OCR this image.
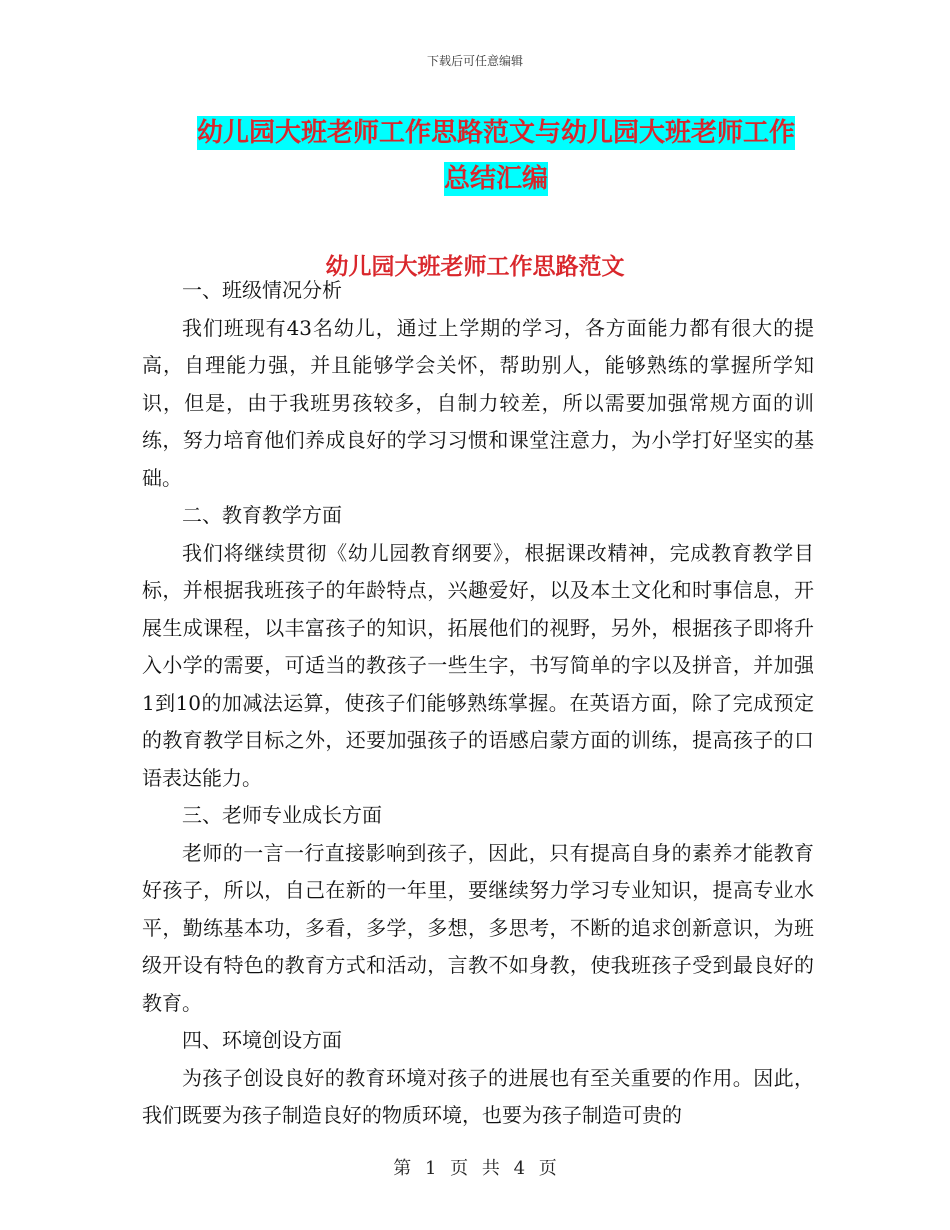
下载后可任意编辑
幼儿园大班老师工作思路范文与幼儿园大班老师工作总结汇编
幼儿园大班老师工作思路范文

一、班级情况分析

我们班现有43名幼儿，通过上学期的学习，各方面能力都有很大的提高，自理能力强，并且能够学会关怀，帮助别人，能够熟练的掌握所学知识，但是，由于我班男孩较多，自制力较差，所以需要加强常规方面的训练，努力培育他们养成良好的学习习惯和课堂注意力，为小学打好坚实的基础。

二、教育教学方面

我们将继续贯彻《幼儿园教育纲要》，根据课改精神，完成教育教学目标，并根据我班孩子的年龄特点，兴趣爱好，以及本土文化和时事信息，开展生成课程，以丰富孩子的知识，拓展他们的视野，另外，根据孩子即将升入小学的需要，可适当的教孩子一些生字，书写简单的字以及拼音，并加强1到10的加减法运算，使孩子们能够熟练掌握。在英语方面，除了完成预定的教育教学目标之外，还要加强孩子的语感启蒙方面的训练，提高孩子的口语表达能力。

三、老师专业成长方面

老师的一言一行直接影响到孩子，因此，只有提高自身的素养才能教育好孩子，所以，自己在新的一年里，要继续努力学习专业知识，提高专业水平，勤练基本功，多看，多学，多想，多思考，不断的追求创新意识，为班级开设有特色的教育方式和活动，言教不如身教，使我班孩子受到最良好的教育。

四、环境创设方面

为孩子创设良好的教育环境对孩子的进展也有至关重要的作用。因此，我们既要为孩子制造良好的物质环境，也要为孩子制造可贵的

第 1 页 共 4 页
